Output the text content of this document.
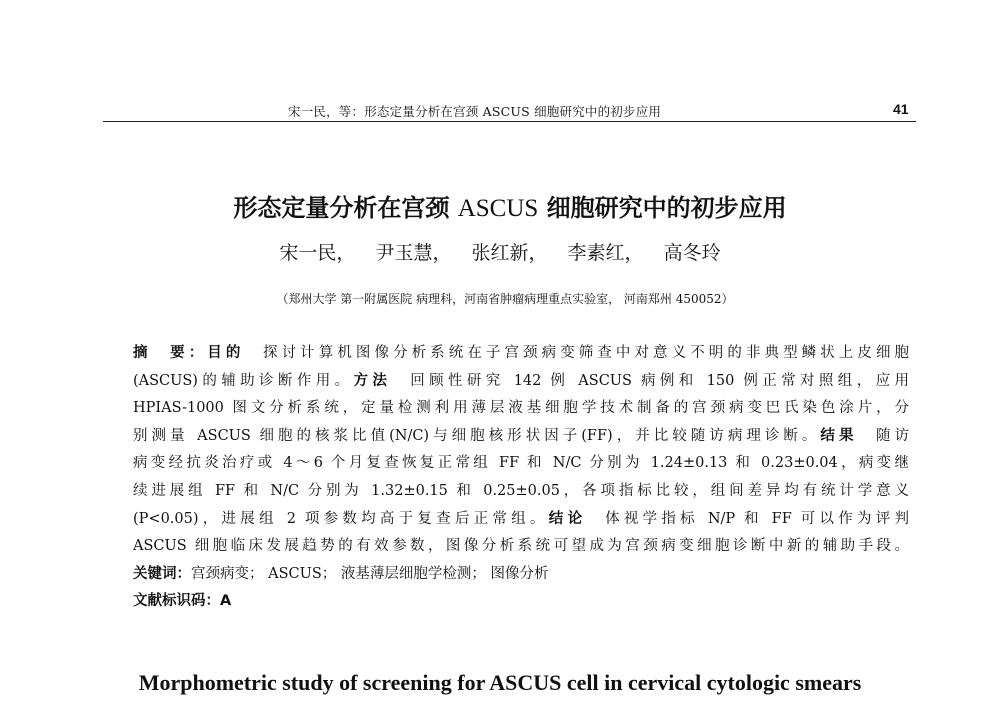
宋一民，等：形态定量分析在宫颈 ASCUS 细胞研究中的初步应用	41
形态定量分析在宫颈 ASCUS 细胞研究中的初步应用
宋一民， 尹玉慧， 张红新， 李素红， 高冬玲
（郑州大学 第一附属医院 病理科，河南省肿瘤病理重点实验室， 河南郑州 450052）
摘　要：目的　探讨计算机图像分析系统在子宫颈病变筛查中对意义不明的非典型鳞状上皮细胞
(ASCUS)的辅助诊断作用。方法　回顾性研究 142 例 ASCUS 病例和 150 例正常对照组，应用
HPIAS-1000 图文分析系统，定量检测利用薄层液基细胞学技术制备的宫颈病变巴氏染色涂片，分
别测量 ASCUS 细胞的核浆比值(N/C)与细胞核形状因子(FF)，并比较随访病理诊断。结果　随访
病变经抗炎治疗或 4～6 个月复查恢复正常组 FF 和 N/C 分别为 1.24±0.13 和 0.23±0.04，病变继
续进展组 FF 和 N/C 分别为 1.32±0.15 和 0.25±0.05，各项指标比较，组间差异均有统计学意义
(P<0.05)，进展组 2 项参数均高于复查后正常组。结论　体视学指标 N/P 和 FF 可以作为评判
ASCUS 细胞临床发展趋势的有效参数，图像分析系统可望成为宫颈病变细胞诊断中新的辅助手段。
关键词：宫颈病变； ASCUS； 液基薄层细胞学检测； 图像分析
文献标识码：A
Morphometric study of screening for ASCUS cell in cervical cytologic smears
